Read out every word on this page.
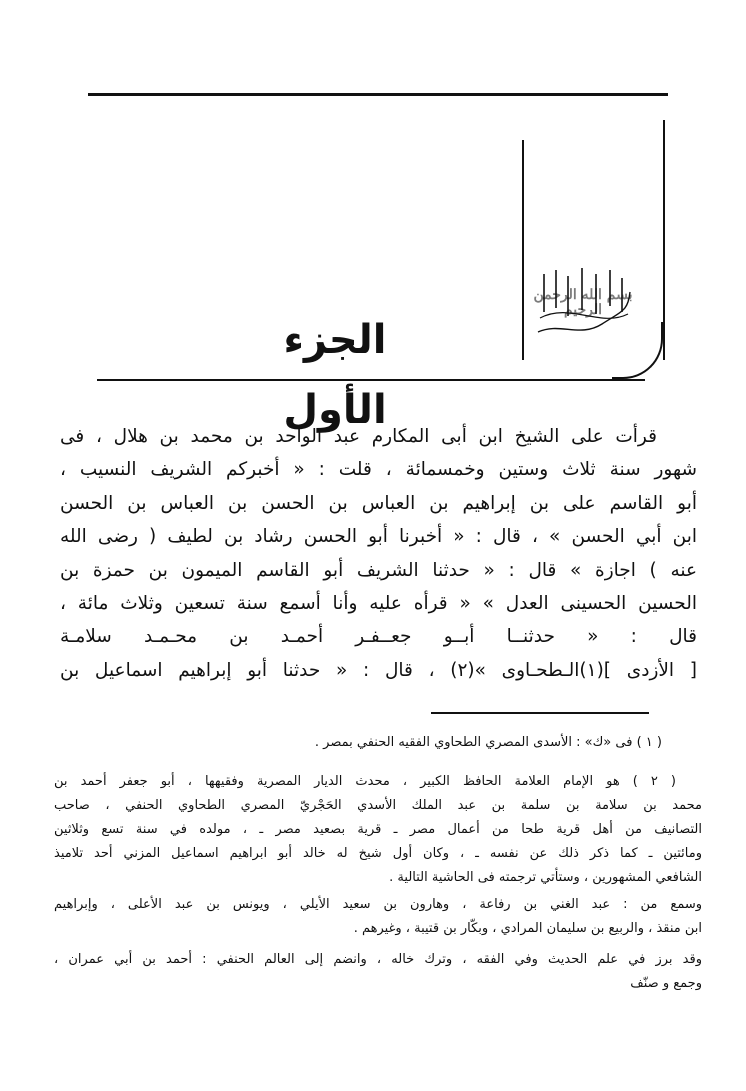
بسم الله الرحمن الرحيم
الجزء الأول
قرأت على الشيخ ابن أبى المكارم عبد الواحد بن محمد بن هلال ، فى
شهور سنة ثلاث وستين وخمسمائة ، قلت : « أخبركم الشريف النسيب ،
أبو القاسم على بن إبراهيم بن العباس بن الحسن بن العباس بن الحسن
ابن أبي الحسن » ، قال : « أخبرنا أبو الحسن رشاد بن لطيف ( رضى الله
عنه ) اجازة » قال : « حدثنا الشريف أبو القاسم الميمون بن حمزة بن
الحسين الحسينى العدل » « قرأه عليه وأنا أسمع سنة تسعين وثلاث مائة ،
قال : « حدثنــا أبــو جعــفـر أحمـد بن محـمـد سلامـة
[ الأزدى ](١)الـطحـاوى »(٢) ، قال : « حدثنا أبو إبراهيم اسماعيل بن
( ١ ) فى «ك» : الأسدى المصري الطحاوي الفقيه الحنفي بمصر .
( ٢ ) هو الإمام العلامة الحافظ الكبير ، محدث الديار المصرية وفقيهها ، أبو جعفر أحمد بن
محمد بن سلامة بن سلمة بن عبد الملك الأسدي الحَجْريّ المصري الطحاوي الحنفي ، صاحب
التصانيف من أهل قرية طحا من أعمال مصر ـ قرية بصعيد مصر ـ ، مولده في سنة تسع وثلاثين
ومائتين ـ كما ذكر ذلك عن نفسه ـ ، وكان أول شيخ له خالد أبو ابراهيم اسماعيل المزني أحد تلاميذ
الشافعي المشهورين ، وستأتي ترجمته فى الحاشية التالية .
وسمع من : عبد الغني بن رفاعة ، وهارون بن سعيد الأيلي ، ويونس بن عبد الأعلى ، وإبراهيم
ابن منقذ ، والربيع بن سليمان المرادي ، وبكّار بن قتيبة ، وغيرهم .
وقد برز في علم الحديث وفي الفقه ، وترك خاله ، وانضم إلى العالم الحنفي : أحمد بن أبي عمران ،
وجمع و صنّف
